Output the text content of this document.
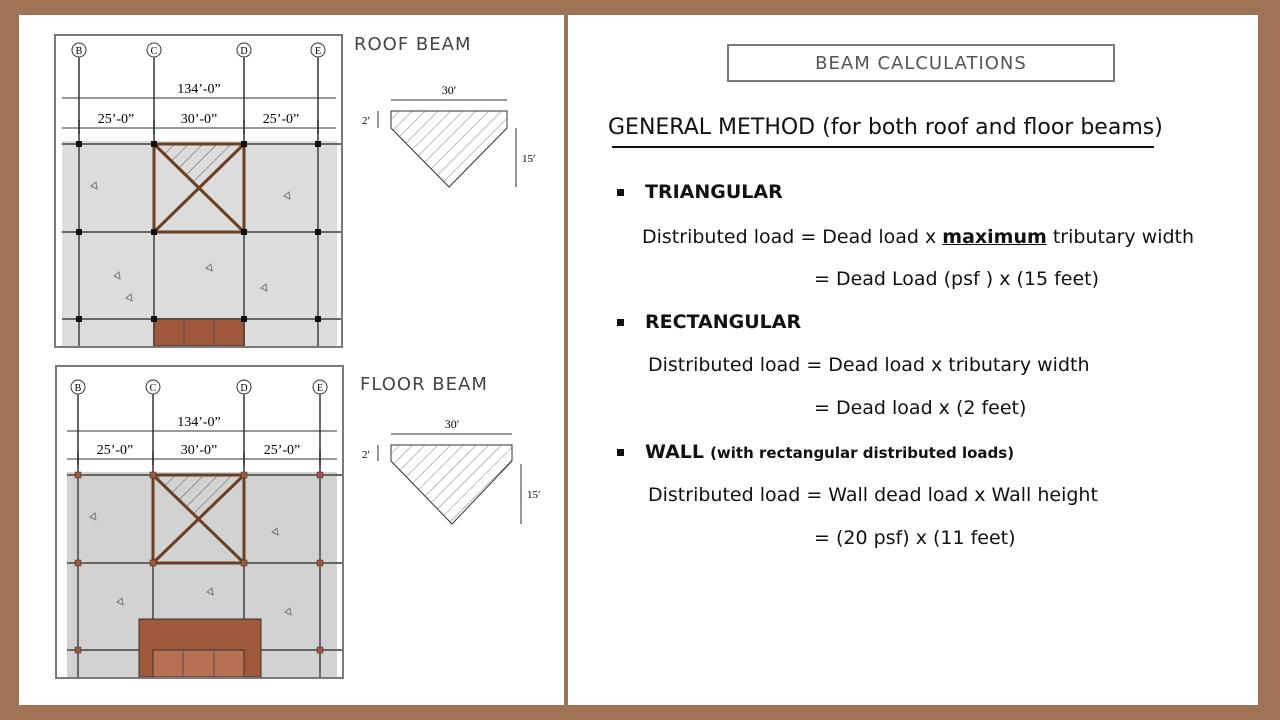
B	C	D	E
134’-0”
25’-0”	30’-0”	25’-0”
ROOF BEAM
30′
2′
15′
B	C	D	E
134’-0”
25’-0”	30’-0”	25’-0”
FLOOR BEAM
30′
2′
15′
BEAM CALCULATIONS
GENERAL METHOD (for both roof and floor beams)
TRIANGULAR
Distributed load = Dead load x maximum tributary width
= Dead Load (psf ) x (15 feet)
RECTANGULAR
Distributed load = Dead load x tributary width
= Dead load x (2 feet)
WALL (with rectangular distributed loads)
Distributed load = Wall dead load x Wall height
= (20 psf) x (11 feet)
